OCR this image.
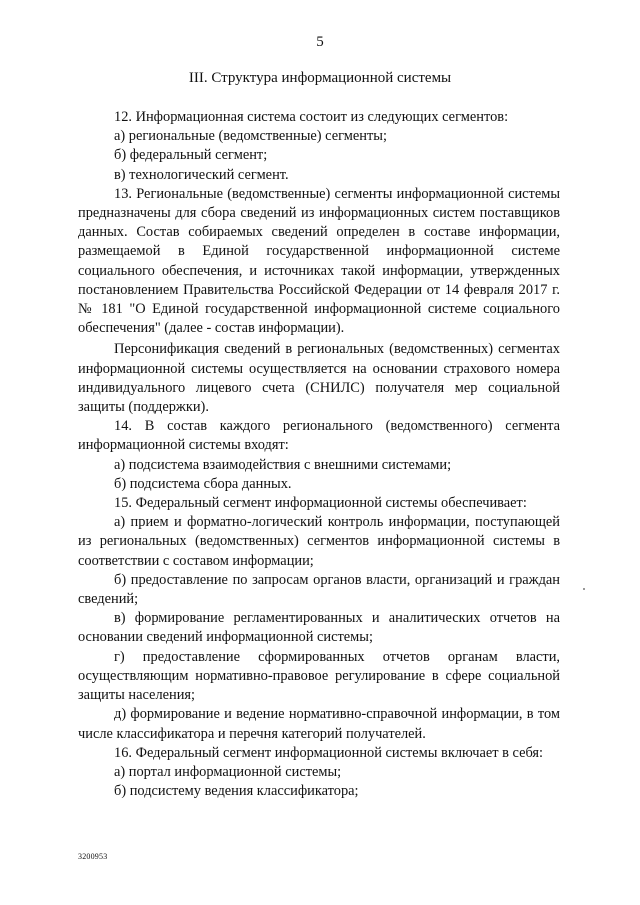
5
III. Структура информационной системы

12. Информационная система состоит из следующих сегментов:

а) региональные (ведомственные) сегменты;

б) федеральный сегмент;

в) технологический сегмент.

13. Региональные (ведомственные) сегменты информационной системы предназначены для сбора сведений из информационных систем поставщиков данных. Состав собираемых сведений определен в составе информации, размещаемой в Единой государственной информационной системе социального обеспечения, и источниках такой информации, утвержденных постановлением Правительства Российской Федерации от 14 февраля 2017 г. № 181 "О Единой государственной информационной системе социального обеспечения" (далее - состав информации).

Персонификация сведений в региональных (ведомственных) сегментах информационной системы осуществляется на основании страхового номера индивидуального лицевого счета (СНИЛС) получателя мер социальной защиты (поддержки).

14. В состав каждого регионального (ведомственного) сегмента информационной системы входят:

а) подсистема взаимодействия с внешними системами;

б) подсистема сбора данных.

15. Федеральный сегмент информационной системы обеспечивает:

а) прием и форматно-логический контроль информации, поступающей из региональных (ведомственных) сегментов информационной системы в соответствии с составом информации;

б) предоставление по запросам органов власти, организаций и граждан сведений;

в) формирование регламентированных и аналитических отчетов на основании сведений информационной системы;

г) предоставление сформированных отчетов органам власти, осуществляющим нормативно-правовое регулирование в сфере социальной защиты населения;

д) формирование и ведение нормативно-справочной информации, в том числе классификатора и перечня категорий получателей.

16. Федеральный сегмент информационной системы включает в себя:

а) портал информационной системы;

б) подсистему ведения классификатора;

3200953
